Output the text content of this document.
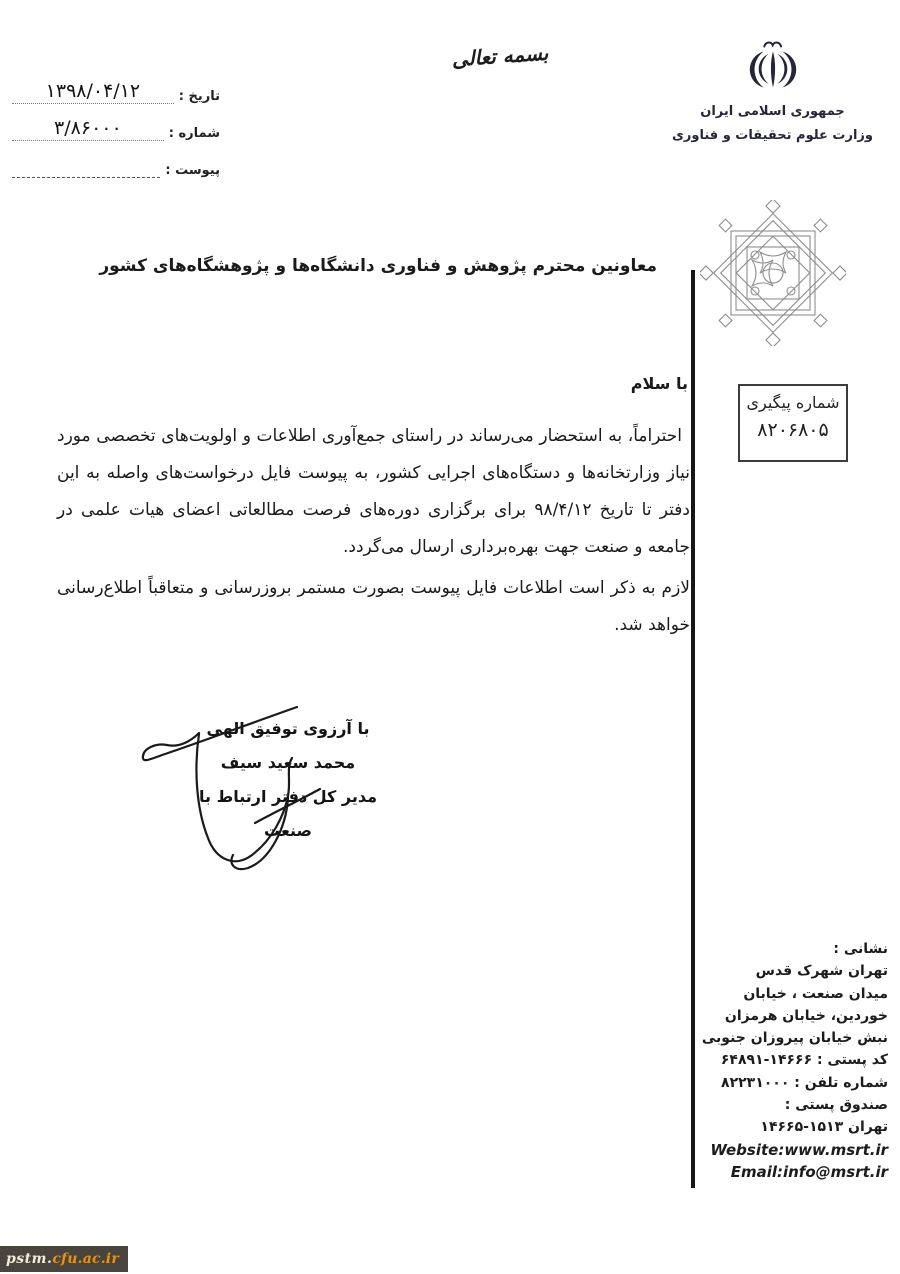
تاریخ :
۱۳۹۸/۰۴/۱۲
شماره :
۳/۸۶۰۰۰
پیوست :
بسمه تعالی
جمهوری اسلامی ایران
وزارت علوم تحقیقات و فناوری
معاونین محترم پژوهش و فناوری دانشگاه‌ها و پژوهشگاه‌های کشور
شماره پیگیری
۸۲۰۶۸۰۵
با سلام
احتراماً، به استحضار می‌رساند در راستای جمع‌آوری اطلاعات و اولویت‌های تخصصی مورد نیاز وزارتخانه‌ها و دستگاه‌های اجرایی کشور، به پیوست فایل درخواست‌های واصله به این دفتر تا تاریخ ۹۸/۴/۱۲ برای برگزاری دوره‌های فرصت مطالعاتی اعضای هیات علمی در جامعه و صنعت جهت بهره‌برداری ارسال می‌گردد.
لازم به ذکر است اطلاعات فایل پیوست بصورت مستمر بروزرسانی و متعاقباً اطلاع‌رسانی خواهد شد.
با آرزوی توفیق الهی
محمد سعید سیف
مدیر کل دفتر ارتباط با صنعت
نشانی :
تهران شهرک قدس
میدان صنعت ، خیابان
خوردین، خیابان هرمزان
نبش خیابان پیروزان جنوبی
کد پستی : ۱۴۶۶۶-۶۴۸۹۱
شماره تلفن : ۸۲۲۳۱۰۰۰
صندوق پستی :
تهران ۱۵۱۳-۱۴۶۶۵
Website:www.msrt.ir
Email:info@msrt.ir
pstm. cfu.ac.ir
